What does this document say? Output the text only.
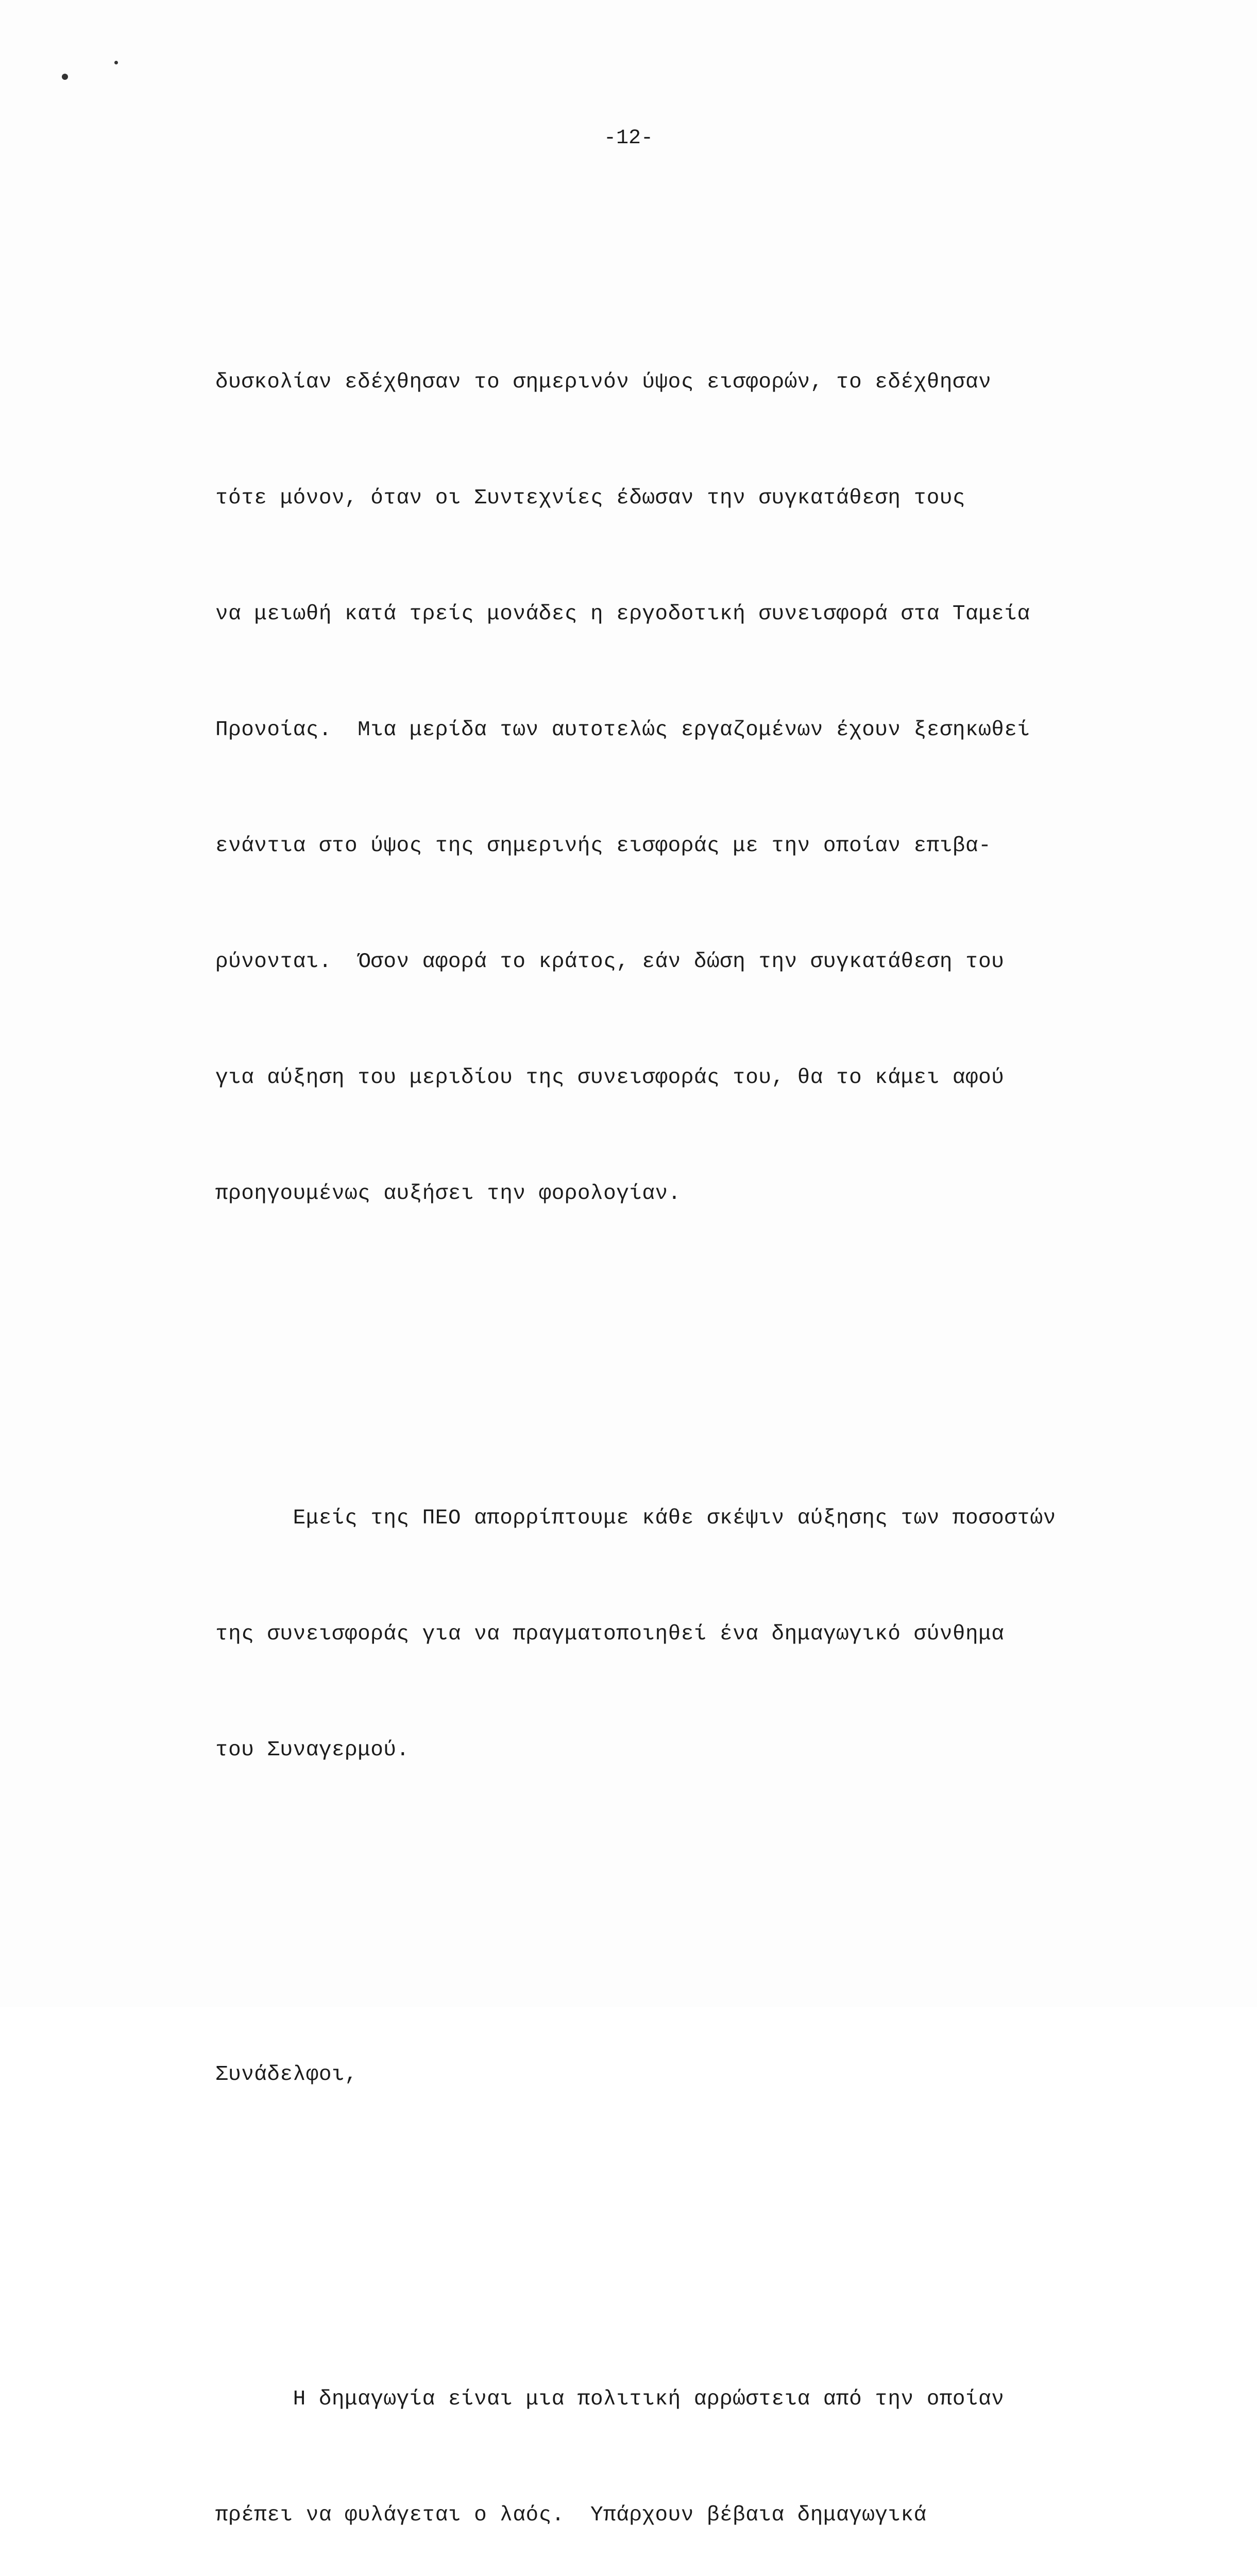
-12-

δυσκολίαν εδέχθησαν το σημερινόν ύψος εισφορών, το εδέχθησαν

τότε μόνον, όταν οι Συντεχνίες έδωσαν την συγκατάθεση τους

να μειωθή κατά τρείς μονάδες η εργοδοτική συνεισφορά στα Ταμεία

Προνοίας.  Μια μερίδα των αυτοτελώς εργαζομένων έχουν ξεσηκωθεί

ενάντια στο ύψος της σημερινής εισφοράς με την οποίαν επιβα-

ρύνονται.  Όσον αφορά το κράτος, εάν δώση την συγκατάθεση του

για αύξηση του μεριδίου της συνεισφοράς του, θα το κάμει αφού

προηγουμένως αυξήσει την φορολογίαν.

Εμείς της ΠΕΟ απορρίπτουμε κάθε σκέψιν αύξησης των ποσοστών

της συνεισφοράς για να πραγματοποιηθεί ένα δημαγωγικό σύνθημα

του Συναγερμού.

Συνάδελφοι,

Η δημαγωγία είναι μια πολιτική αρρώστεια από την οποίαν

πρέπει να φυλάγεται ο λαός.  Υπάρχουν βέβαια δημαγωγικά
